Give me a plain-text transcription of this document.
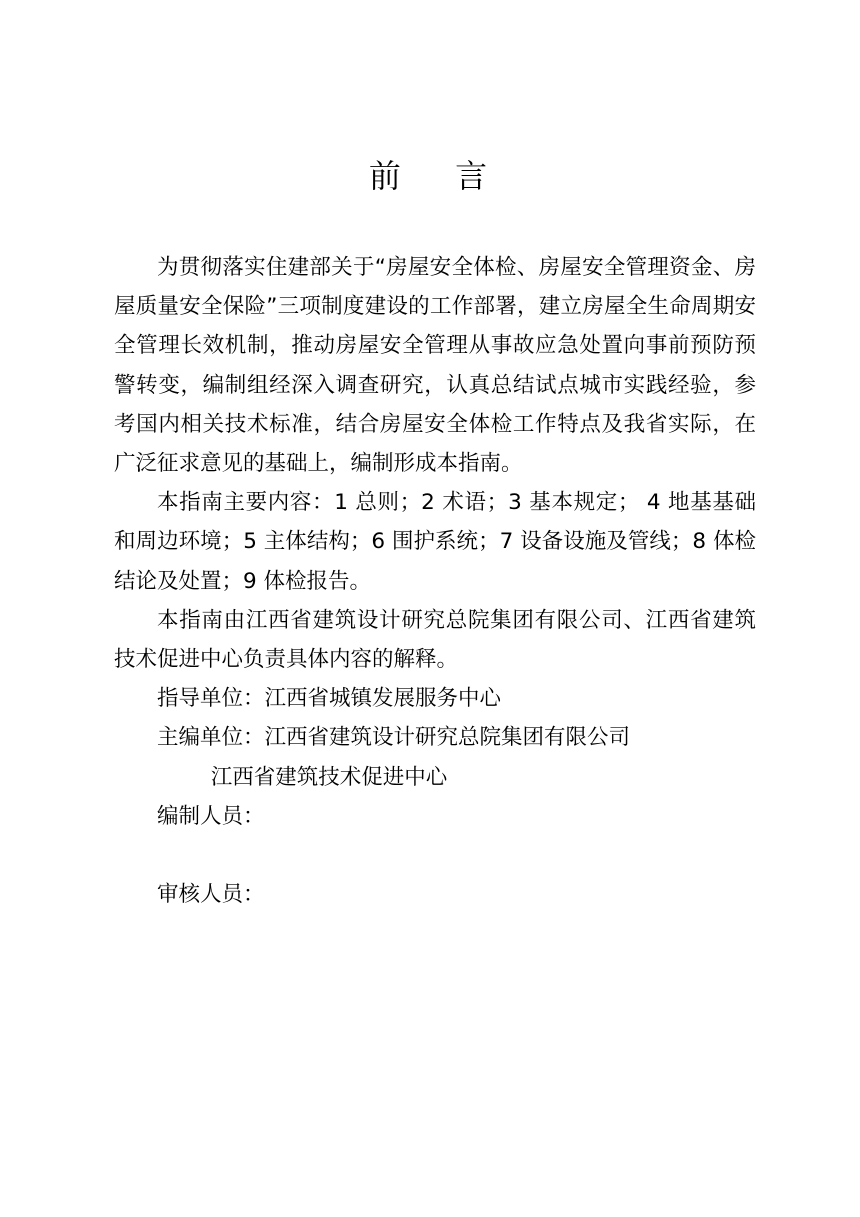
前 言

为贯彻落实住建部关于“房屋安全体检、房屋安全管理资金、房屋质量安全保险”三项制度建设的工作部署，建立房屋全生命周期安全管理长效机制，推动房屋安全管理从事故应急处置向事前预防预警转变，编制组经深入调查研究，认真总结试点城市实践经验，参考国内相关技术标准，结合房屋安全体检工作特点及我省实际，在广泛征求意见的基础上，编制形成本指南。

本指南主要内容：1 总则；2 术语；3 基本规定； 4 地基基础和周边环境；5 主体结构；6 围护系统；7 设备设施及管线；8 体检结论及处置；9 体检报告。

本指南由江西省建筑设计研究总院集团有限公司、江西省建筑技术促进中心负责具体内容的解释。

指导单位：江西省城镇发展服务中心

主编单位：江西省建筑设计研究总院集团有限公司

江西省建筑技术促进中心

编制人员：

审核人员：
